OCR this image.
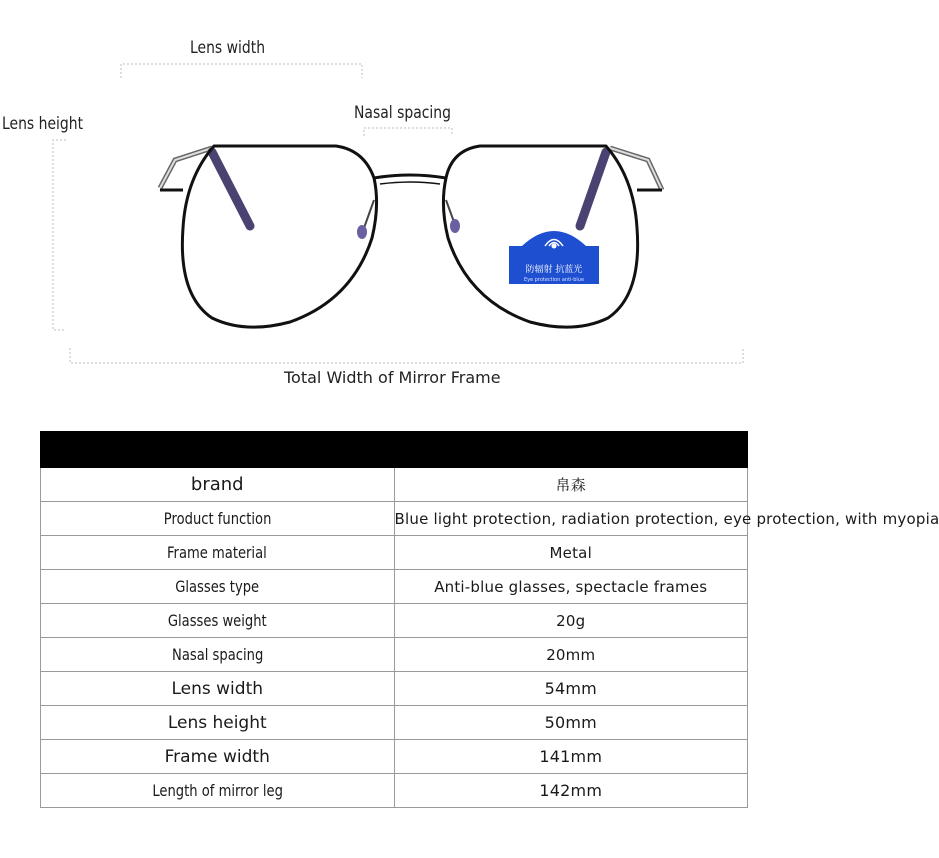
Lens width
Lens height
Nasal spacing
Total Width of Mirror Frame
防辐射 抗蓝光
Eye protection anti-blue

brand	帛森
Product function	Blue light protection, radiation protection, eye protection, with myopia
Frame material	Metal
Glasses type	Anti-blue glasses, spectacle frames
Glasses weight	20g
Nasal spacing	20mm
Lens width	54mm
Lens height	50mm
Frame width	141mm
Length of mirror leg	142mm
